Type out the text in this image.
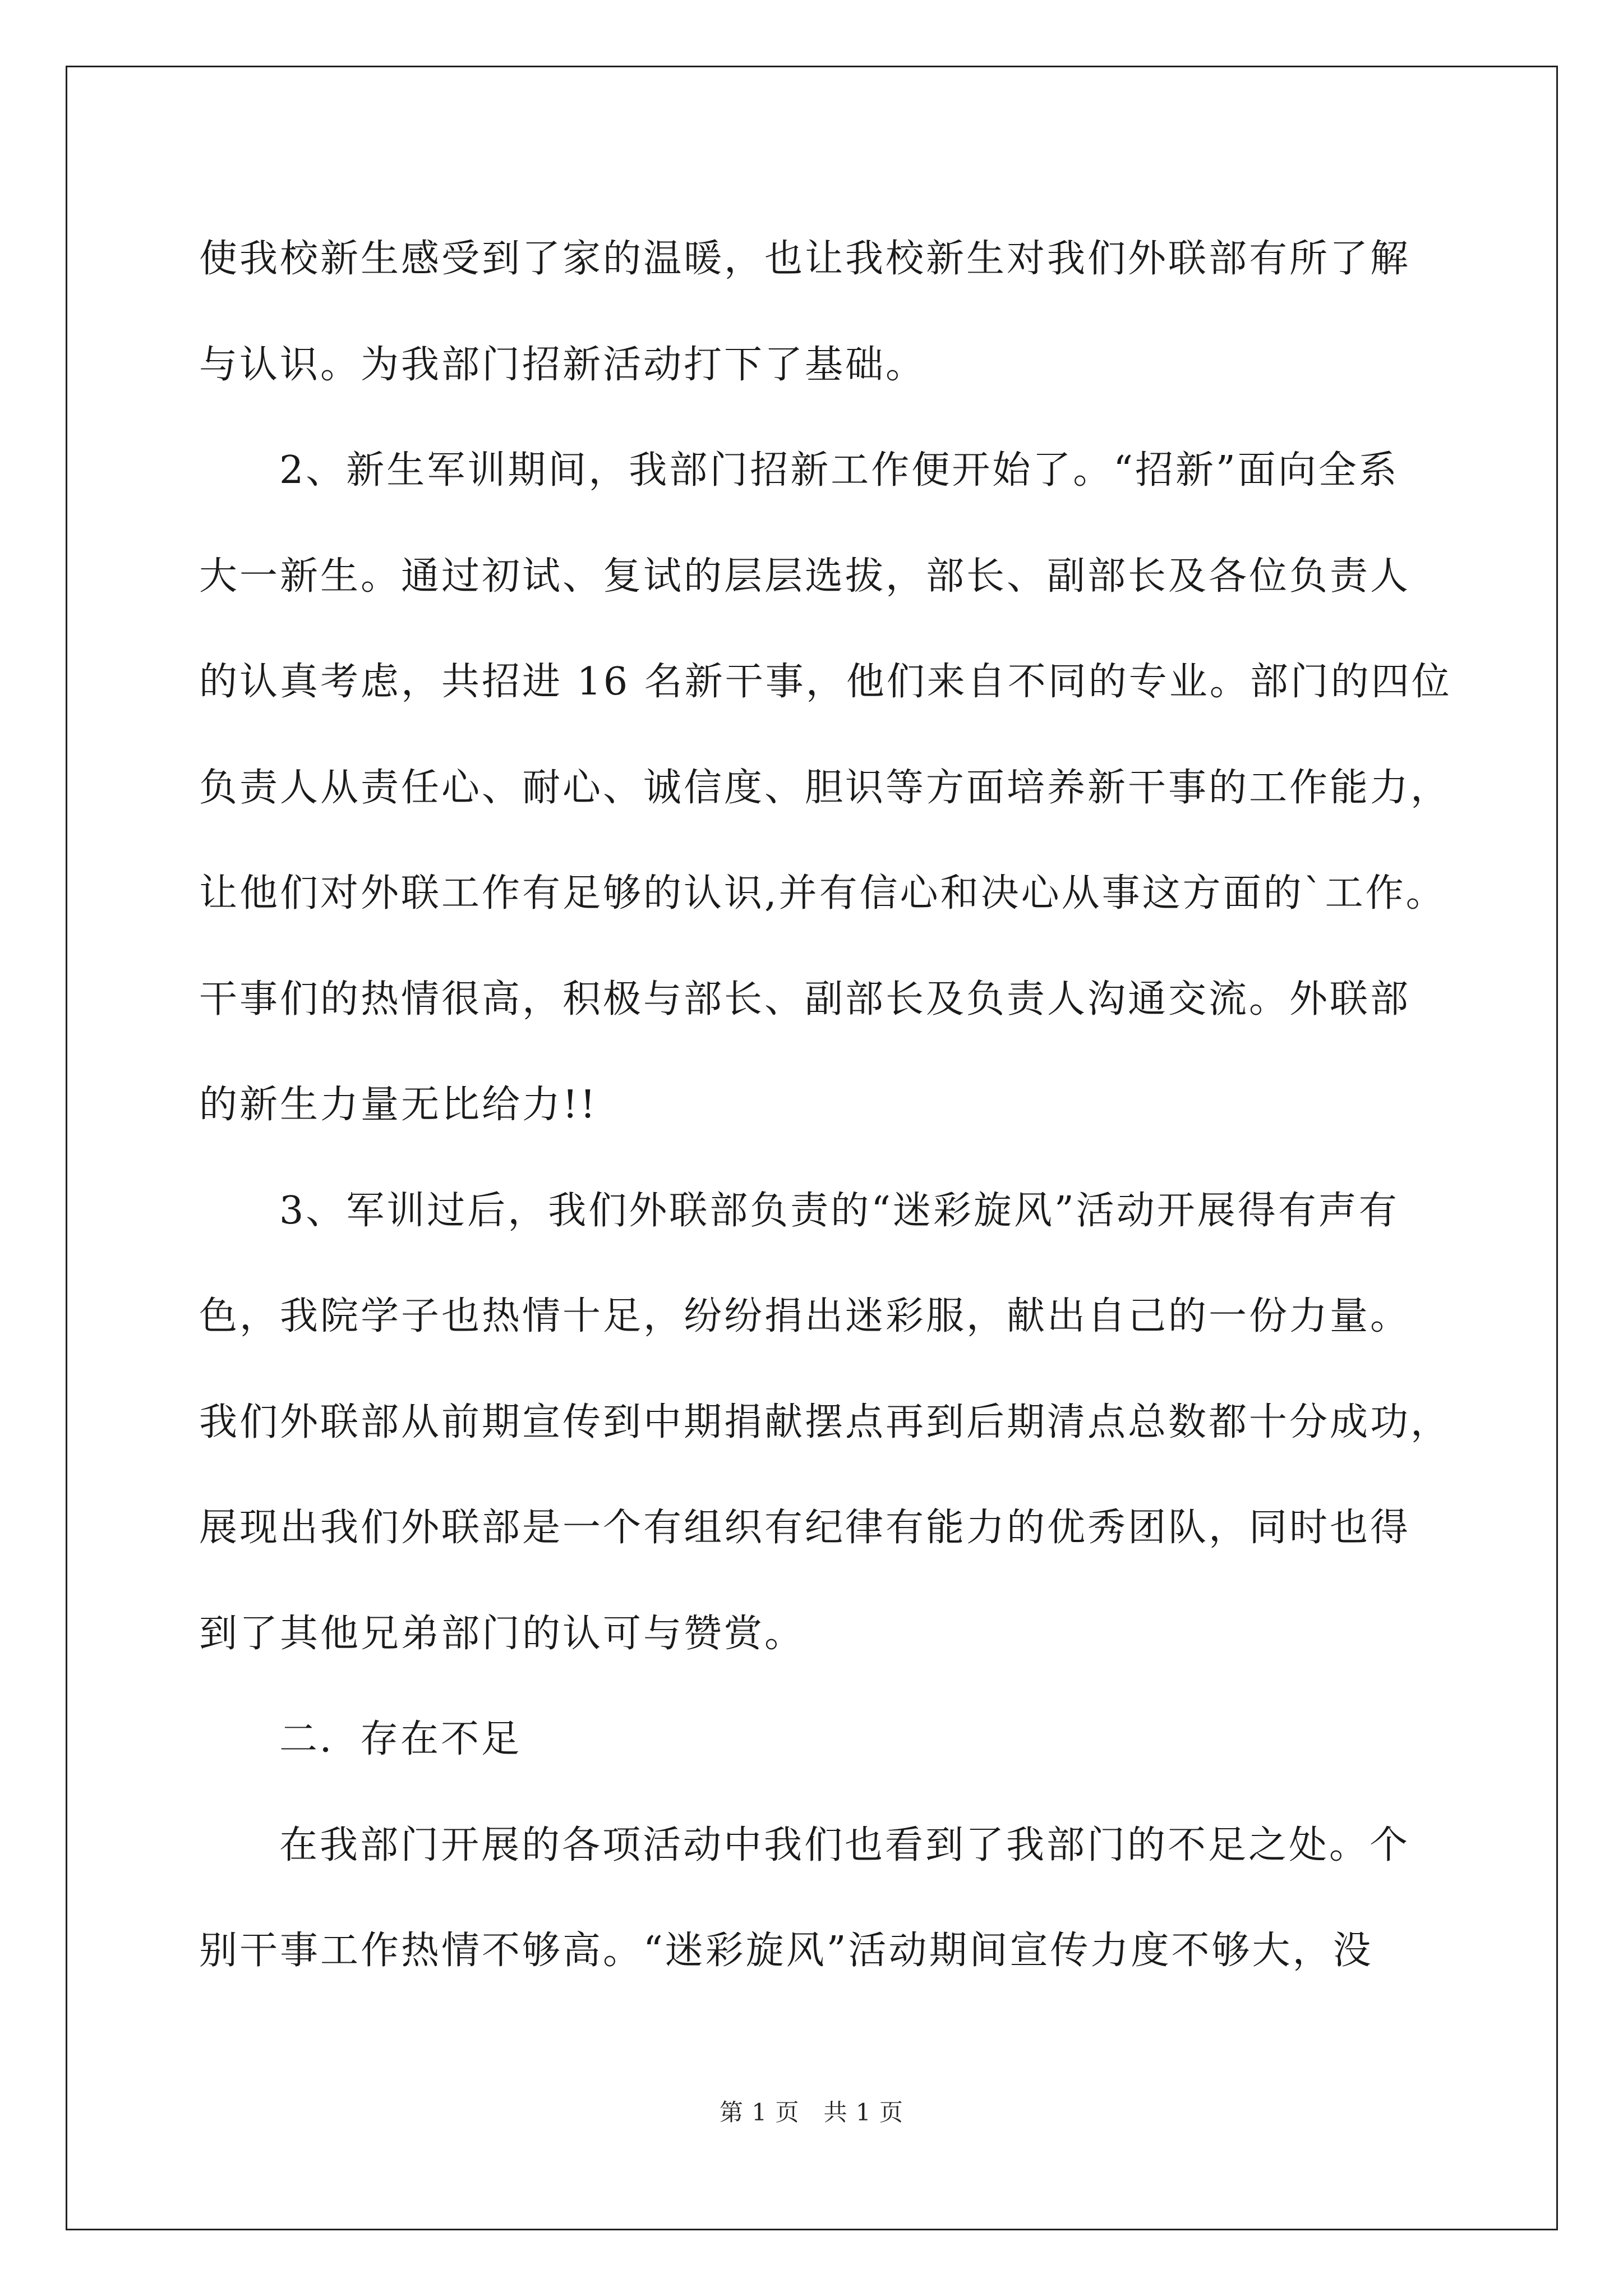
使我校新生感受到了家的温暖，也让我校新生对我们外联部有所了解

与认识。为我部门招新活动打下了基础。

2、新生军训期间，我部门招新工作便开始了。“招新”面向全系

大一新生。通过初试、复试的层层选拔，部长、副部长及各位负责人

的认真考虑，共招进 16 名新干事，他们来自不同的专业。部门的四位

负责人从责任心、耐心、诚信度、胆识等方面培养新干事的工作能力，

让他们对外联工作有足够的认识,并有信心和决心从事这方面的`工作。

干事们的热情很高，积极与部长、副部长及负责人沟通交流。外联部

的新生力量无比给力!!

3、军训过后，我们外联部负责的“迷彩旋风”活动开展得有声有

色，我院学子也热情十足，纷纷捐出迷彩服，献出自己的一份力量。

我们外联部从前期宣传到中期捐献摆点再到后期清点总数都十分成功，

展现出我们外联部是一个有组织有纪律有能力的优秀团队，同时也得

到了其他兄弟部门的认可与赞赏。

二．存在不足

在我部门开展的各项活动中我们也看到了我部门的不足之处。个

别干事工作热情不够高。“迷彩旋风”活动期间宣传力度不够大，没

第 1 页 共 1 页
